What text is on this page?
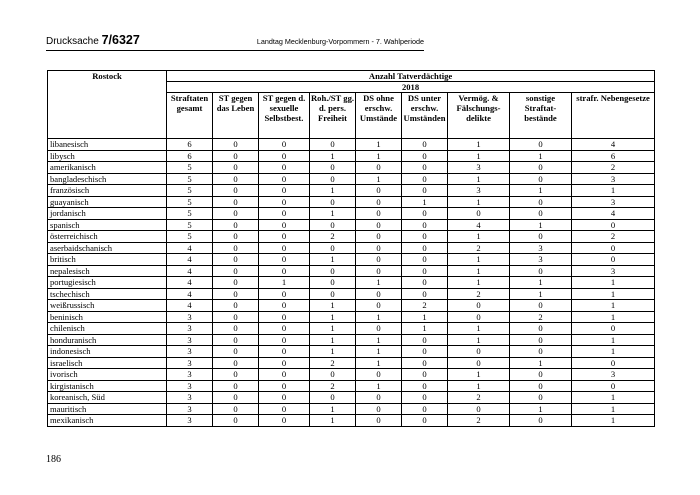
Drucksache 7/6327	Landtag Mecklenburg-Vorpommern - 7. Wahlperiode
Rostock	Anzahl Tatverdächtige								
	2018								
	Straftaten gesamt	ST gegen das Leben	ST gegen d. sexuelle Selbstbest.	Roh./ST gg. d. pers. Freiheit	DS ohne erschw. Umstände	DS unter erschw. Umständen	Vermög. & Fälschungs-delikte	sonstige Straftat-bestände	strafr. Nebengesetze
libanesisch	6	0	0	0	1	0	1	0	4
libysch	6	0	0	1	1	0	1	1	6
amerikanisch	5	0	0	0	0	0	3	0	2
bangladeschisch	5	0	0	0	1	0	1	0	3
französisch	5	0	0	1	0	0	3	1	1
guayanisch	5	0	0	0	0	1	1	0	3
jordanisch	5	0	0	1	0	0	0	0	4
spanisch	5	0	0	0	0	0	4	1	0
österreichisch	5	0	0	2	0	0	1	0	2
aserbaidschanisch	4	0	0	0	0	0	2	3	0
britisch	4	0	0	1	0	0	1	3	0
nepalesisch	4	0	0	0	0	0	1	0	3
portugiesisch	4	0	1	0	1	0	1	1	1
tschechisch	4	0	0	0	0	0	2	1	1
weißrussisch	4	0	0	1	0	2	0	0	1
beninisch	3	0	0	1	1	1	0	2	1
chilenisch	3	0	0	1	0	1	1	0	0
honduranisch	3	0	0	1	1	0	1	0	1
indonesisch	3	0	0	1	1	0	0	0	1
israelisch	3	0	0	2	1	0	0	1	0
ivorisch	3	0	0	0	0	0	1	0	3
kirgistanisch	3	0	0	2	1	0	1	0	0
koreanisch, Süd	3	0	0	0	0	0	2	0	1
mauritisch	3	0	0	1	0	0	0	1	1
mexikanisch	3	0	0	1	0	0	2	0	1
186
